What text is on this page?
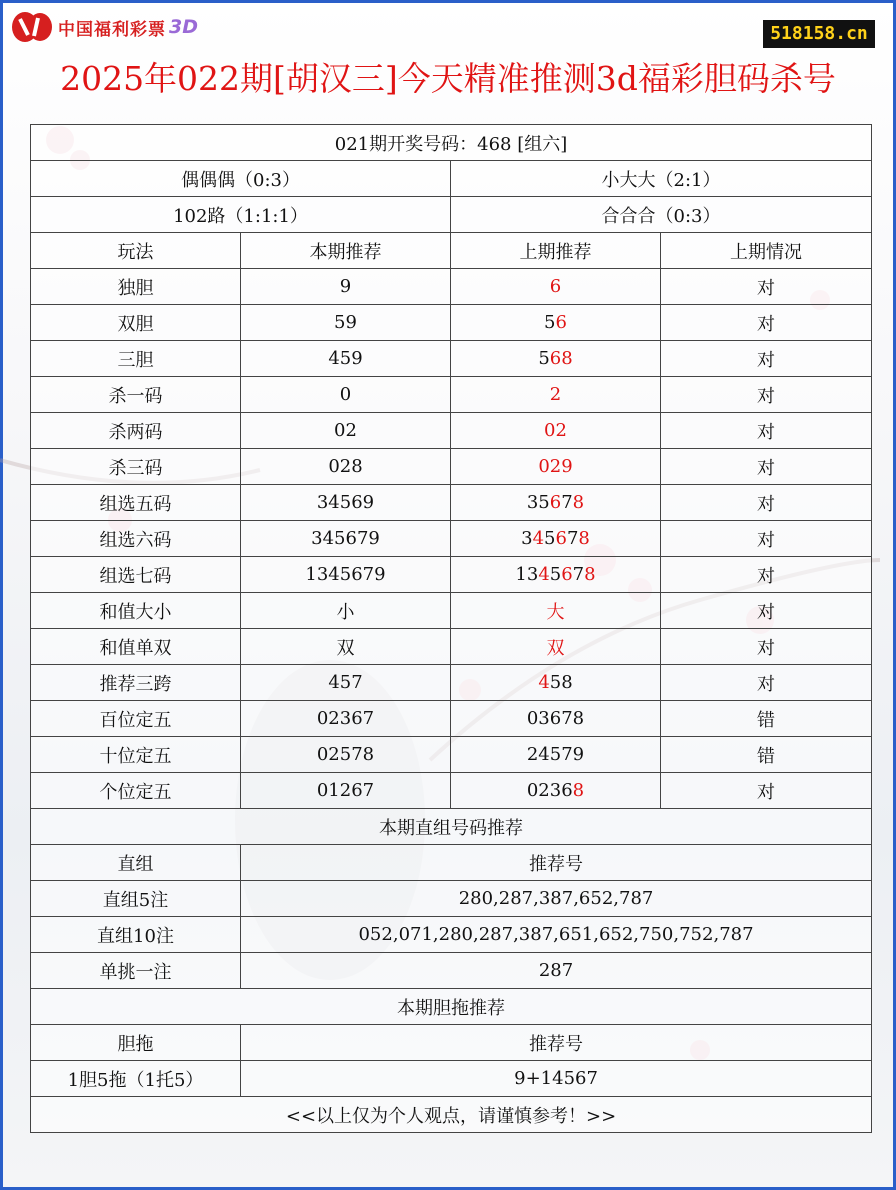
中国福利彩票 3D	518158.cn
2025年022期[胡汉三]今天精准推测3d福彩胆码杀号
021期开奖号码：468 [组六]			
偶偶偶（0:3）		小大大（2:1）	
102路（1:1:1）		合合合（0:3）	
玩法	本期推荐	上期推荐	上期情况
独胆	9	6	对
双胆	59	56	对
三胆	459	568	对
杀一码	0	2	对
杀两码	02	02	对
杀三码	028	029	对
组选五码	34569	35678	对
组选六码	345679	345678	对
组选七码	1345679	1345678	对
和值大小	小	大	对
和值单双	双	双	对
推荐三跨	457	458	对
百位定五	02367	03678	错
十位定五	02578	24579	错
个位定五	01267	02368	对
本期直组号码推荐			
直组	推荐号		
直组5注	280,287,387,652,787		
直组10注	052,071,280,287,387,651,652,750,752,787		
单挑一注	287		
本期胆拖推荐			
胆拖	推荐号		
1胆5拖（1托5）	9+14567		
<<以上仅为个人观点，请谨慎参考！>>			
